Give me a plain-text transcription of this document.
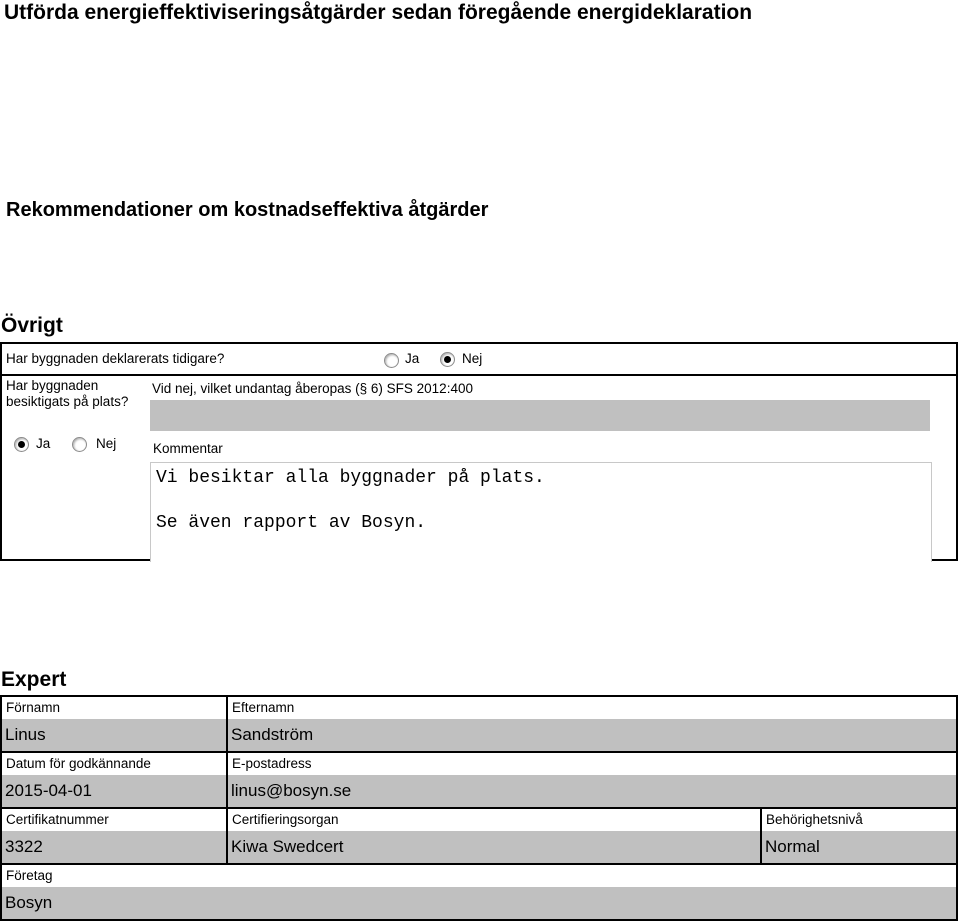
Utförda energieffektiviseringsåtgärder sedan föregående energideklaration
Rekommendationer om kostnadseffektiva åtgärder
Övrigt
Har byggnaden deklarerats tidigare?	Ja	Nej
Har byggnaden
besiktigats på plats?
Ja	Nej
Vid nej, vilket undantag åberopas (§ 6) SFS 2012:400
Kommentar
Vi besiktar alla byggnader på plats.
Se även rapport av Bosyn.
Expert
Förnamn
Linus
Efternamn
Sandström
Datum för godkännande
2015-04-01
E-postadress
linus@bosyn.se
Certifikatnummer
3322
Certifieringsorgan
Kiwa Swedcert
Behörighetsnivå
Normal
Företag
Bosyn
